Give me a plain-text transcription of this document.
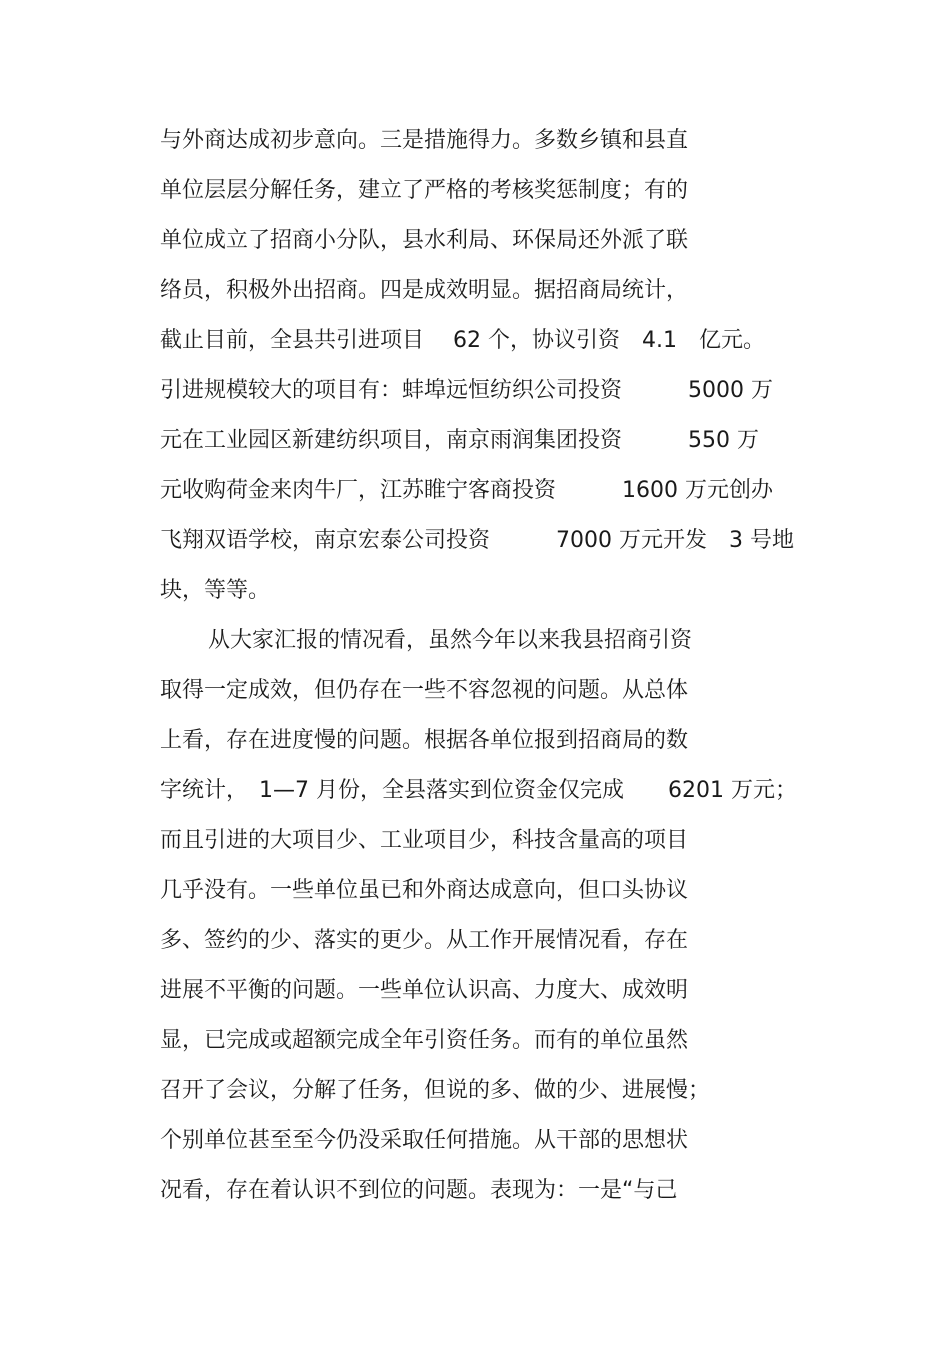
与外商达成初步意向。三是措施得力。多数乡镇和县直
单位层层分解任务，建立了严格的考核奖惩制度；有的
单位成立了招商小分队，县水利局、环保局还外派了联
络员，积极外出招商。四是成效明显。据招商局统计，
截止目前，全县共引进项目　 62 个，协议引资　4.1　亿元。
引进规模较大的项目有：蚌埠远恒纺织公司投资　　　5000 万
元在工业园区新建纺织项目，南京雨润集团投资　　　550 万
元收购荷金来肉牛厂，江苏睢宁客商投资　　　1600 万元创办
飞翔双语学校，南京宏泰公司投资　　　7000 万元开发　3 号地
块，等等。
从大家汇报的情况看，虽然今年以来我县招商引资
取得一定成效，但仍存在一些不容忽视的问题。从总体
上看，存在进度慢的问题。根据各单位报到招商局的数
字统计，　1—7 月份，全县落实到位资金仅完成　　6201 万元；
而且引进的大项目少、工业项目少，科技含量高的项目
几乎没有。一些单位虽已和外商达成意向，但口头协议
多、签约的少、落实的更少。从工作开展情况看，存在
进展不平衡的问题。一些单位认识高、力度大、成效明
显，已完成或超额完成全年引资任务。而有的单位虽然
召开了会议，分解了任务，但说的多、做的少、进展慢；
个别单位甚至至今仍没采取任何措施。从干部的思想状
况看，存在着认识不到位的问题。表现为：一是“与己
